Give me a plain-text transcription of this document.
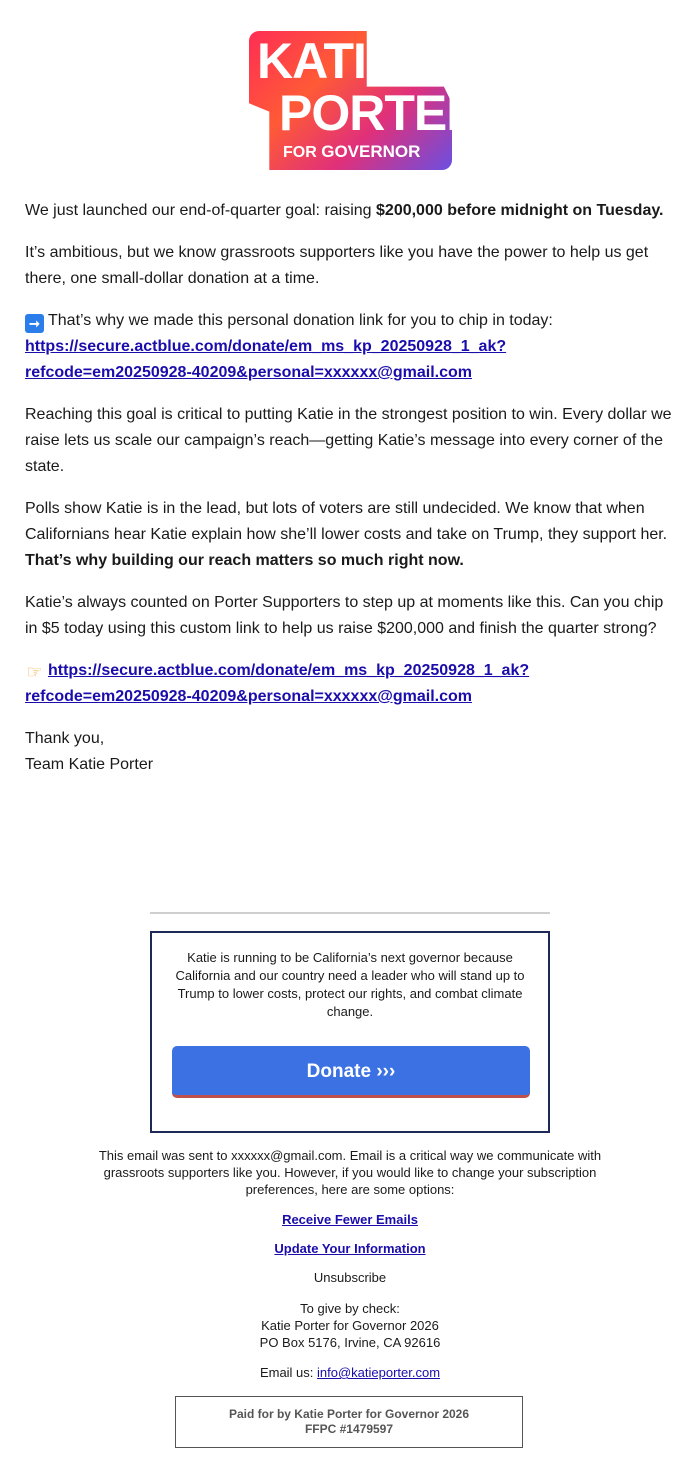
KATIE
PORTER
FOR GOVERNOR

We just launched our end-of-quarter goal: raising $200,000 before midnight on Tuesday.

It’s ambitious, but we know grassroots supporters like you have the power to help us get there, one small-dollar donation at a time.

➞ That’s why we made this personal donation link for you to chip in today:
https://secure.actblue.com/donate/em_ms_kp_20250928_1_ak?
refcode=em20250928-40209&personal=xxxxxx@gmail.com

Reaching this goal is critical to putting Katie in the strongest position to win. Every dollar we raise lets us scale our campaign’s reach—getting Katie’s message into every corner of the state.

Polls show Katie is in the lead, but lots of voters are still undecided. We know that when Californians hear Katie explain how she’ll lower costs and take on Trump, they support her. That’s why building our reach matters so much right now.

Katie’s always counted on Porter Supporters to step up at moments like this. Can you chip in $5 today using this custom link to help us raise $200,000 and finish the quarter strong?

☞ https://secure.actblue.com/donate/em_ms_kp_20250928_1_ak?
refcode=em20250928-40209&personal=xxxxxx@gmail.com

Thank you,
Team Katie Porter

Katie is running to be California’s next governor because California and our country need a leader who will stand up to Trump to lower costs, protect our rights, and combat climate change.
Donate ›››

This email was sent to xxxxxx@gmail.com. Email is a critical way we communicate with grassroots supporters like you. However, if you would like to change your subscription preferences, here are some options:

Receive Fewer Emails

Update Your Information

Unsubscribe

To give by check:
Katie Porter for Governor 2026
PO Box 5176, Irvine, CA 92616

Email us: info@katieporter.com

Paid for by Katie Porter for Governor 2026
FFPC #1479597
